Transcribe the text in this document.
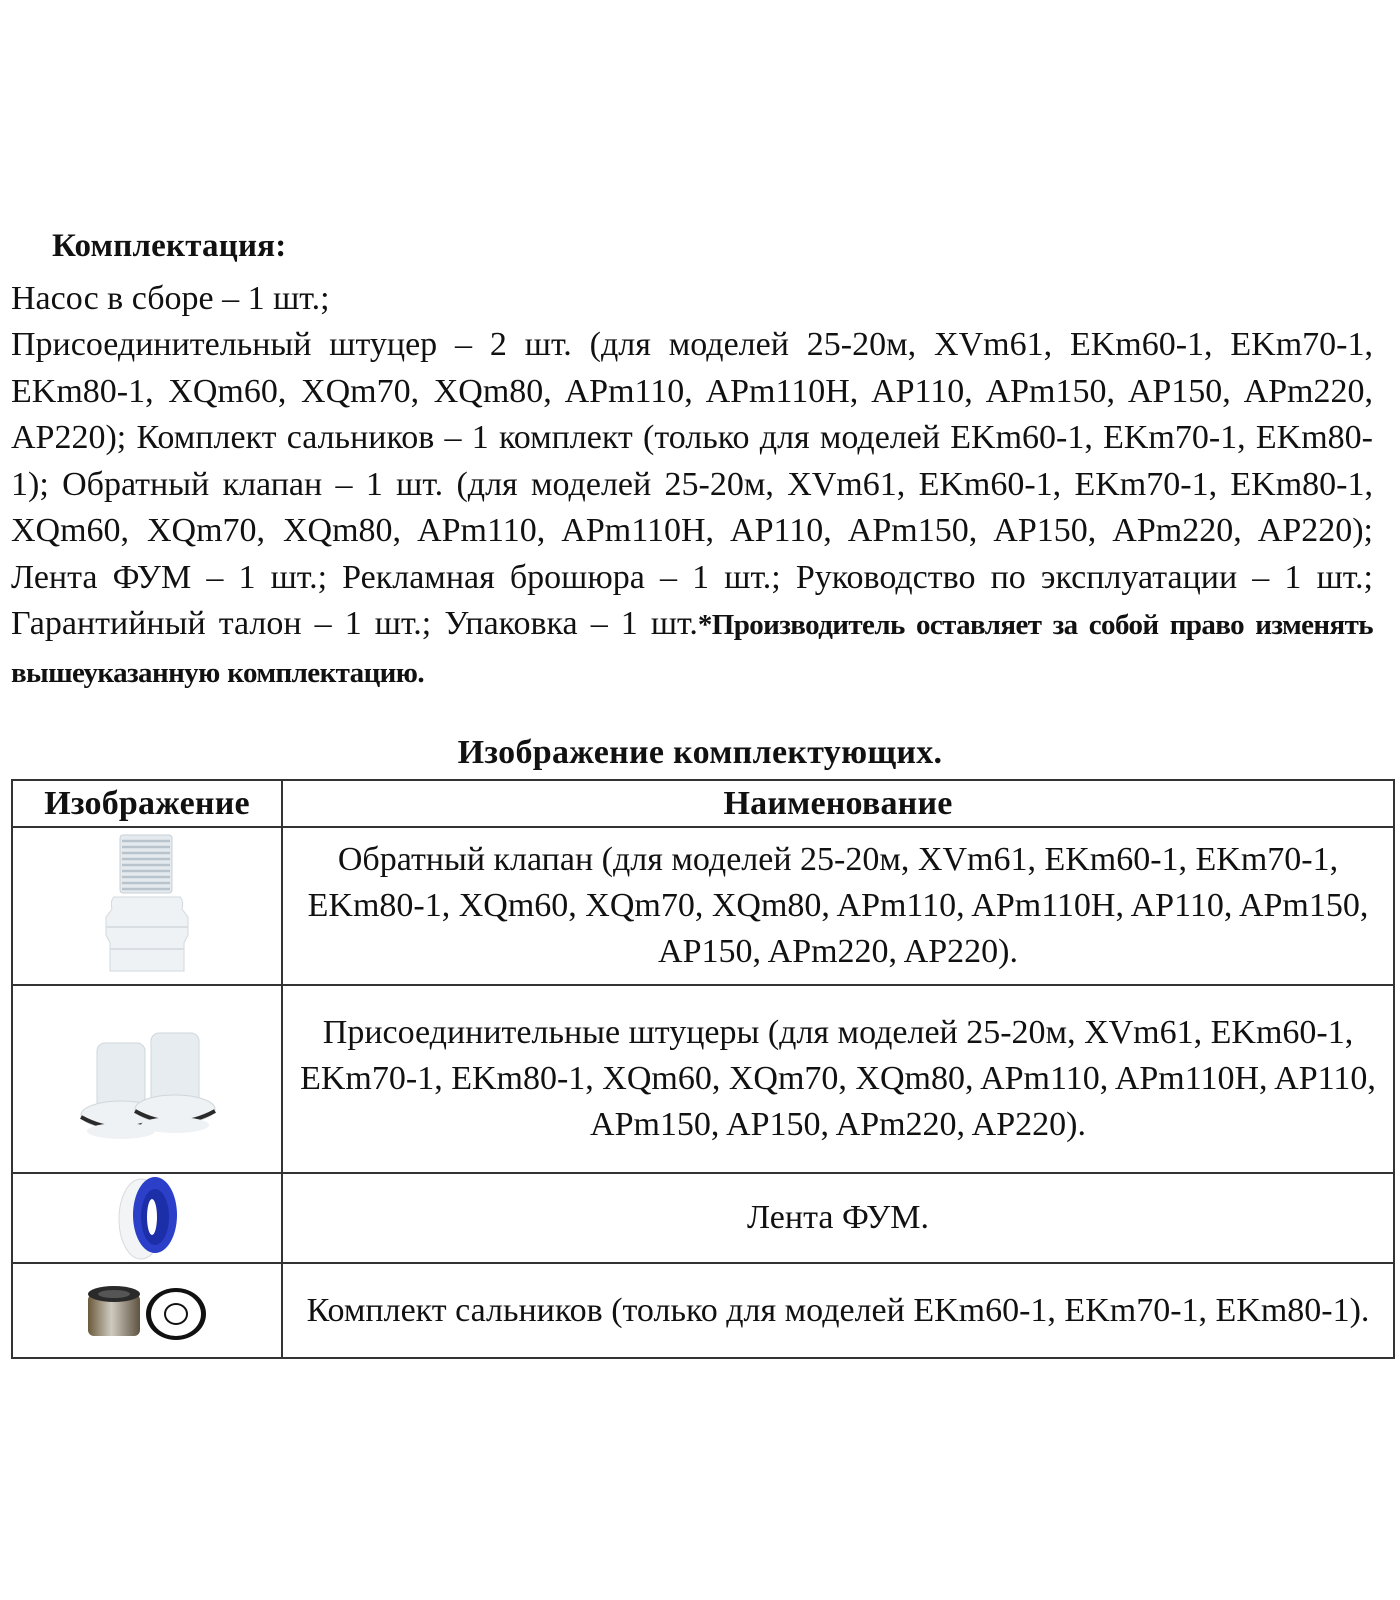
Комплектация:
Насос в сборе – 1 шт.;
Присоединительный штуцер – 2 шт. (для моделей 25-20м, XVm61, EKm60-1, EKm70-1, EKm80-1, XQm60, XQm70, XQm80, APm110, APm110H, AP110, APm150, AP150, APm220, AP220); Комплект сальников – 1 комплект (только для моделей EKm60-1, EKm70-1, EKm80-1); Обратный клапан – 1 шт. (для моделей 25-20м, XVm61, EKm60-1, EKm70-1, EKm80-1, XQm60, XQm70, XQm80, APm110, APm110H, AP110, APm150, AP150, APm220, AP220); Лента ФУМ – 1 шт.; Рекламная брошюра – 1 шт.; Руководство по эксплуатации – 1 шт.; Гарантийный талон – 1 шт.; Упаковка – 1 шт.*Производитель оставляет за собой право изменять вышеуказанную комплектацию.
Изображение комплектующих.
Изображение	Наименование

	Обратный клапан (для моделей 25-20м, XVm61, EKm60-1, EKm70-1, EKm80-1, XQm60, XQm70, XQm80, APm110, APm110H, AP110, APm150, AP150, APm220, AP220).

	Присоединительные штуцеры (для моделей 25-20м, XVm61, EKm60-1, EKm70-1, EKm80-1, XQm60, XQm70, XQm80, APm110, APm110H, AP110, APm150, AP150, APm220, AP220).

	Лента ФУМ.

	Комплект сальников (только для моделей EKm60-1, EKm70-1, EKm80-1).
